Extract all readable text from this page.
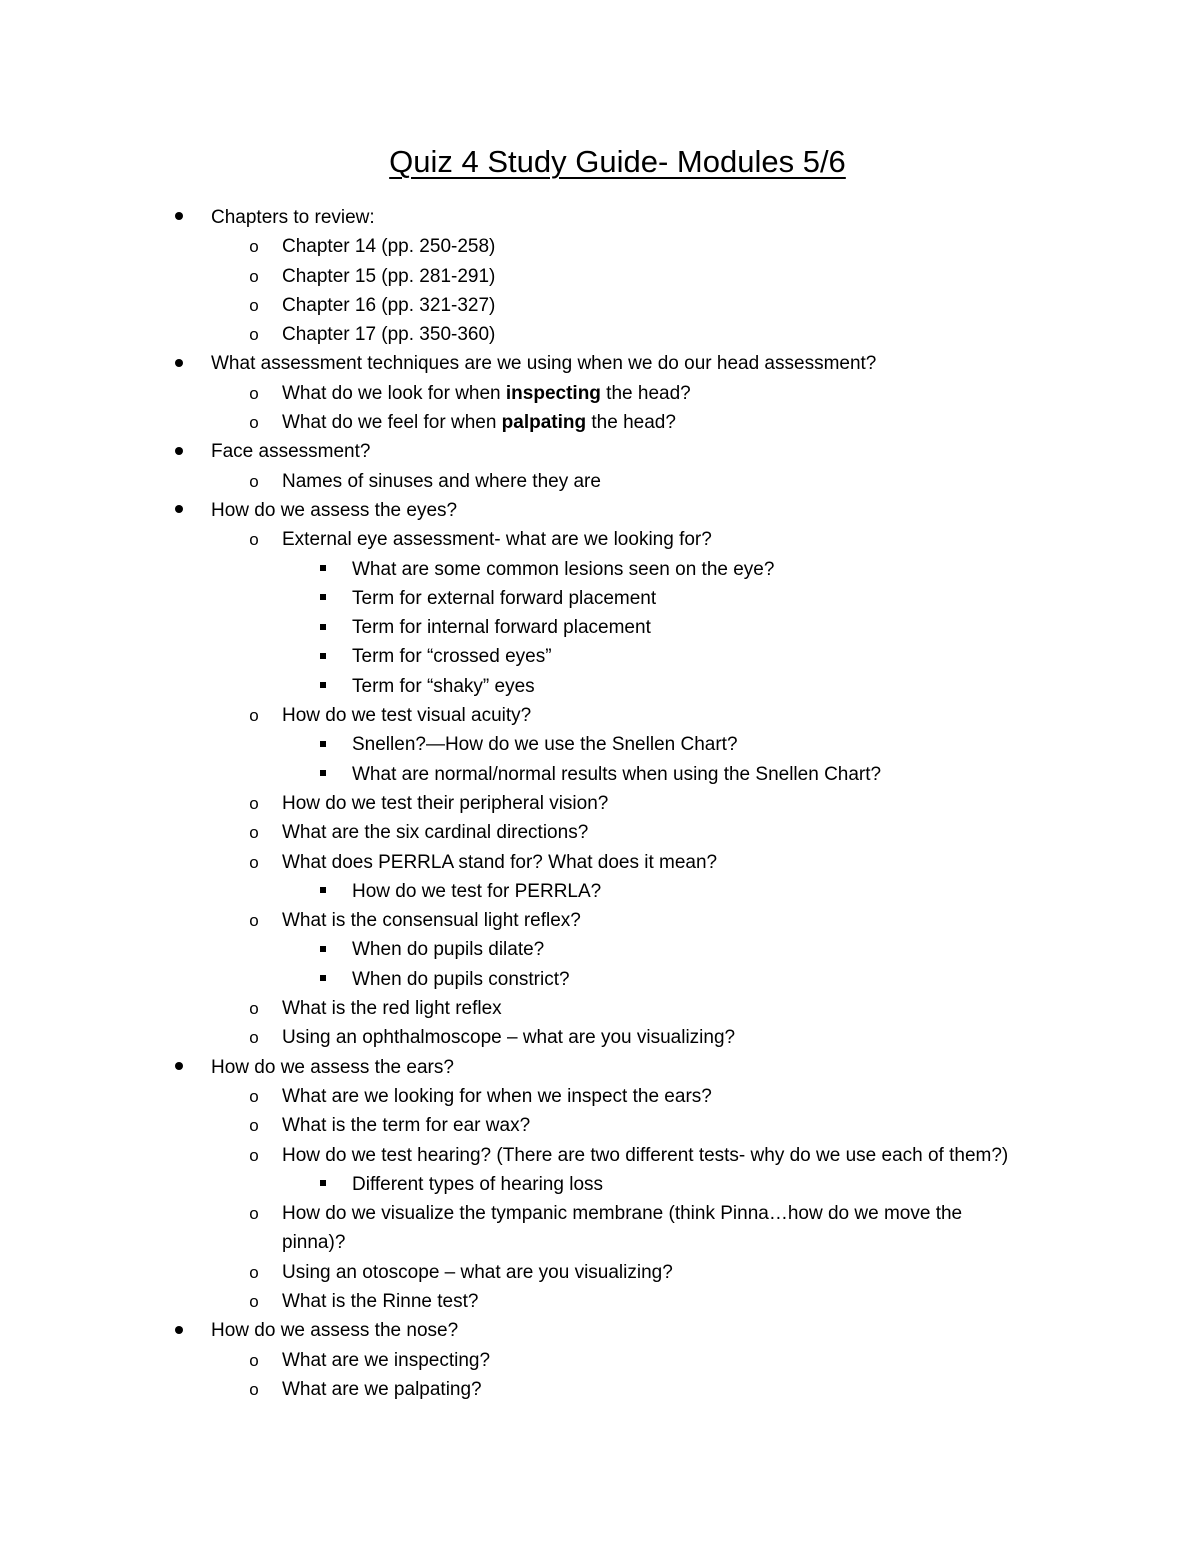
Quiz 4 Study Guide- Modules 5/6
Chapters to review:
o Chapter 14 (pp. 250-258)
o Chapter 15 (pp. 281-291)
o Chapter 16 (pp. 321-327)
o Chapter 17 (pp. 350-360)
What assessment techniques are we using when we do our head assessment?
o What do we look for when inspecting the head?
o What do we feel for when palpating the head?
Face assessment?
o Names of sinuses and where they are
How do we assess the eyes?
o External eye assessment- what are we looking for?
What are some common lesions seen on the eye?
Term for external forward placement
Term for internal forward placement
Term for “crossed eyes”
Term for “shaky” eyes
o How do we test visual acuity?
Snellen?—How do we use the Snellen Chart?
What are normal/normal results when using the Snellen Chart?
o How do we test their peripheral vision?
o What are the six cardinal directions?
o What does PERRLA stand for? What does it mean?
How do we test for PERRLA?
o What is the consensual light reflex?
When do pupils dilate?
When do pupils constrict?
o What is the red light reflex
o Using an ophthalmoscope – what are you visualizing?
How do we assess the ears?
o What are we looking for when we inspect the ears?
o What is the term for ear wax?
o How do we test hearing? (There are two different tests- why do we use each of them?)
Different types of hearing loss
o How do we visualize the tympanic membrane (think Pinna…how do we move the
pinna)?
o Using an otoscope – what are you visualizing?
o What is the Rinne test?
How do we assess the nose?
o What are we inspecting?
o What are we palpating?
